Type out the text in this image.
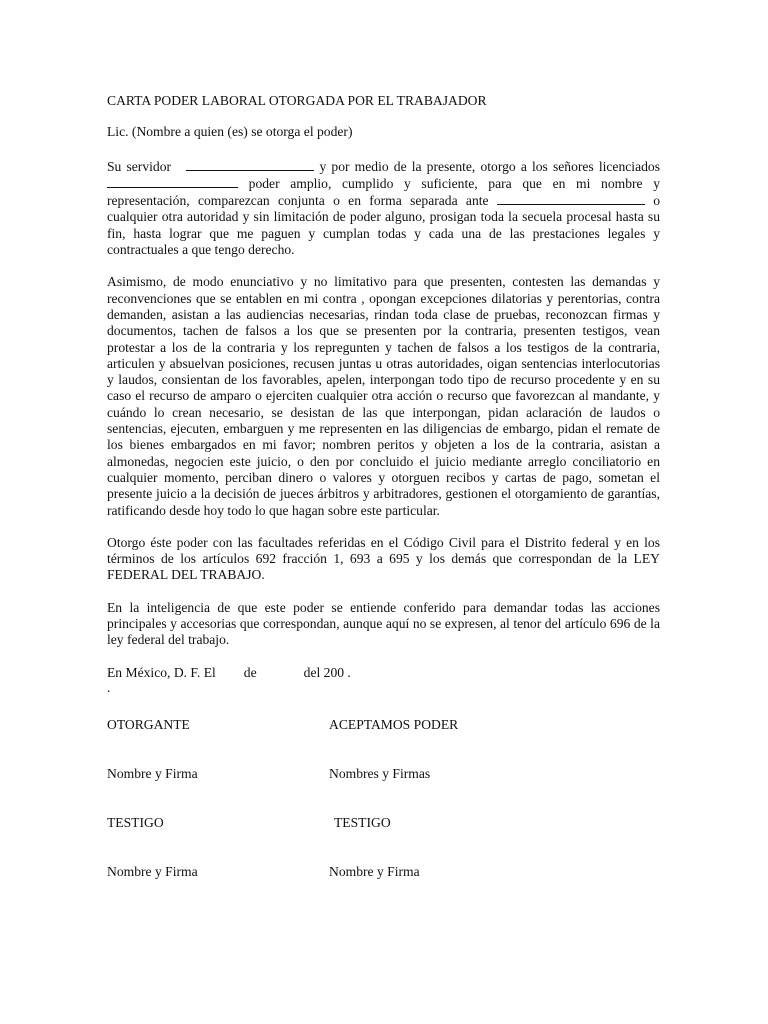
CARTA PODER LABORAL OTORGADA POR EL TRABAJADOR
Lic. (Nombre a quien (es) se otorga el poder)

Su servidor	y por medio de la presente, otorgo a los señores licenciados  poder amplio, cumplido y suficiente, para que en mi nombre y representación, comparezcan conjunta o en forma separada ante	o cualquier otra autoridad y sin limitación de poder alguno, prosigan toda la secuela procesal hasta su fin, hasta lograr que me paguen y cumplan todas y cada una de las prestaciones legales y contractuales a que tengo derecho.

Asimismo, de modo enunciativo y no limitativo para que presenten, contesten las demandas y reconvenciones que se entablen en mi contra , opongan excepciones dilatorias y perentorias, contra demanden, asistan a las audiencias necesarias, rindan toda clase de pruebas, reconozcan firmas y documentos, tachen de falsos a los que se presenten por la contraria, presenten testigos, vean protestar a los de la contraria y los repregunten y tachen de falsos a los testigos de la contraria, articulen y absuelvan posiciones, recusen juntas u otras autoridades, oigan sentencias interlocutorias y laudos, consientan de los favorables, apelen, interpongan todo tipo de recurso procedente y en su caso el recurso de amparo o ejerciten cualquier otra acción o recurso que favorezcan al mandante, y cuándo lo crean necesario, se desistan de las que interpongan, pidan aclaración de laudos o sentencias, ejecuten, embarguen y me representen en las diligencias de embargo, pidan el remate de los bienes embargados en mi favor; nombren peritos y objeten a los de la contraria, asistan a almonedas, negocien este juicio, o den por concluido el juicio mediante arreglo conciliatorio en cualquier momento, perciban dinero o valores y otorguen recibos y cartas de pago, sometan el presente juicio a la decisión de jueces árbitros y arbitradores, gestionen el otorgamiento de garantías, ratificando desde hoy todo lo que hagan sobre este particular.

Otorgo éste poder con las facultades referidas en el Código Civil para el Distrito federal y en los términos de los artículos 692 fracción 1, 693 a 695 y los demás que correspondan de la LEY FEDERAL DEL TRABAJO.

En la inteligencia de que este poder se entiende conferido para demandar todas las acciones principales y accesorias que correspondan, aunque aquí no se expresen, al tenor del artículo 696 de la ley federal del trabajo.

En México, D. F. El de	del 200 .
.
OTORGANTE	ACEPTAMOS PODER
Nombre y Firma	Nombres y Firmas
TESTIGO	TESTIGO
Nombre y Firma	Nombre y Firma
